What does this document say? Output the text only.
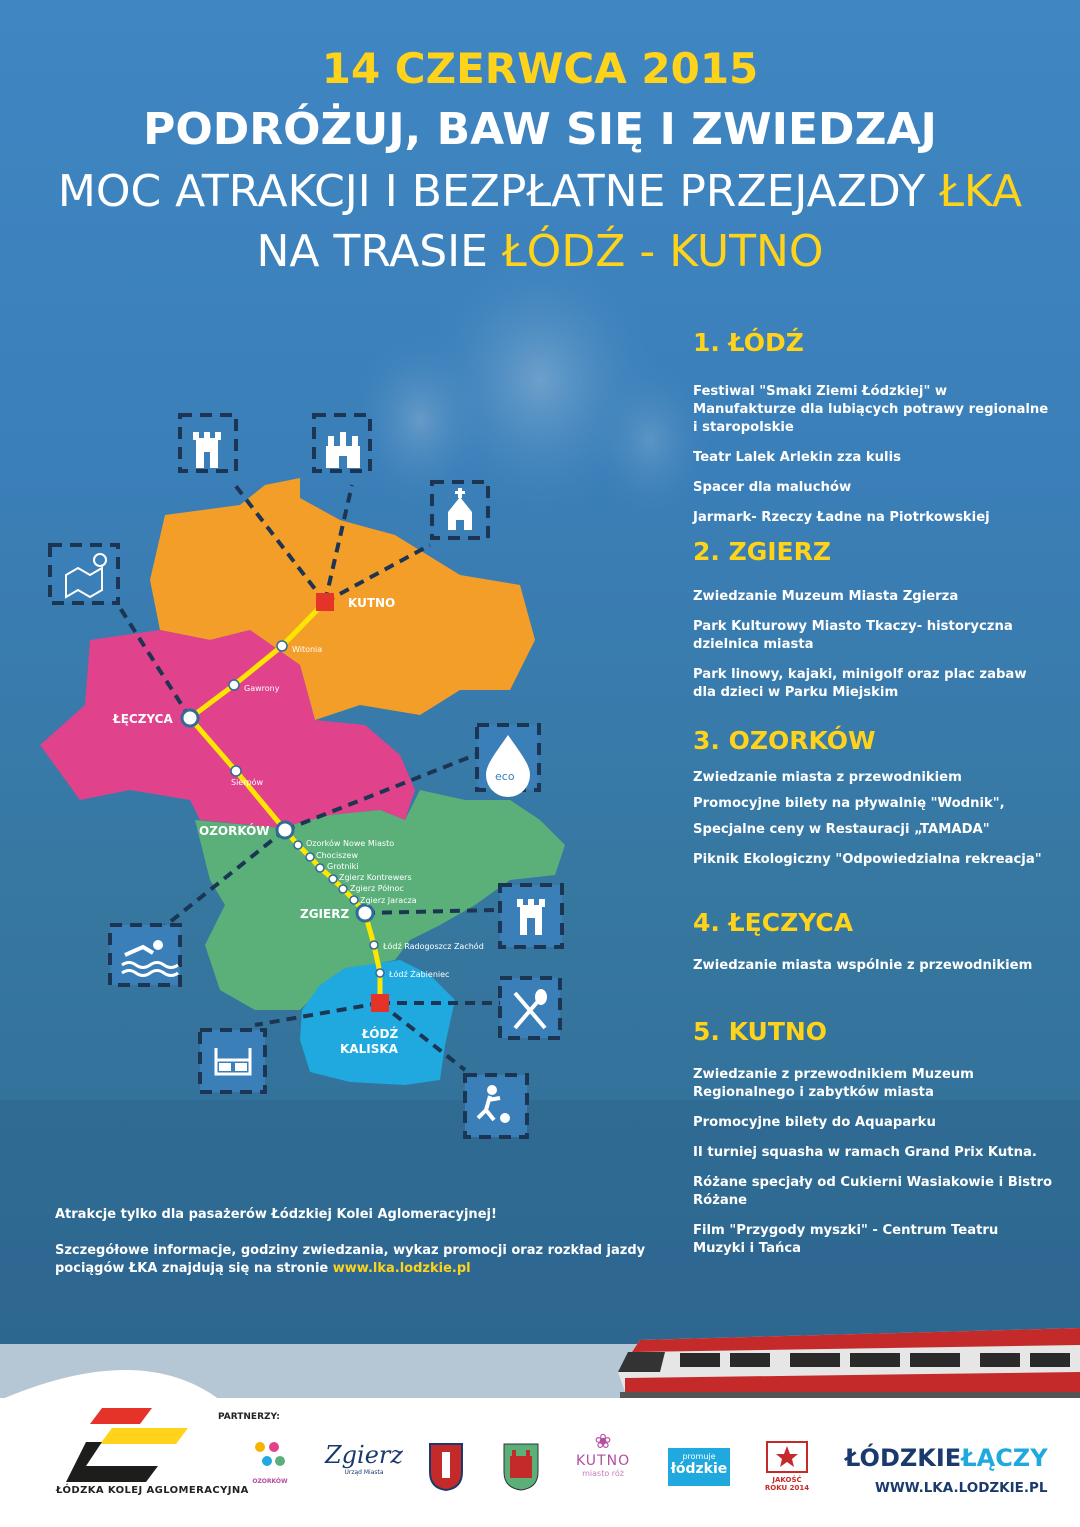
14 CZERWCA 2015
PODRÓŻUJ, BAW SIĘ I ZWIEDZAJ
MOC ATRAKCJI I BEZPŁATNE PRZEJAZDY ŁKA
NA TRASIE ŁÓDŹ - KUTNO
KUTNO
ŁĘCZYCA
OZORKÓW
ZGIERZ
ŁÓDŹ
KALISKA
Witonia
Gawrony
Sierpów
Ozorków Nowe Miasto
Chociszew
Grotniki
Zgierz Kontrewers
Zgierz Północ
Zgierz Jaracza
Łódź Radogoszcz Zachód
Łódź Żabieniec
eco
1. ŁÓDŹ
Festiwal "Smaki Ziemi Łódzkiej" w Manufakturze dla lubiących potrawy regionalne i staropolskie
Teatr Lalek Arlekin zza kulis
Spacer dla maluchów
Jarmark- Rzeczy Ładne na Piotrkowskiej
2. ZGIERZ
Zwiedzanie Muzeum Miasta Zgierza
Park Kulturowy Miasto Tkaczy- historyczna dzielnica miasta
Park linowy, kajaki, minigolf oraz plac zabaw dla dzieci w Parku Miejskim
3. OZORKÓW
Zwiedzanie miasta z przewodnikiem
Promocyjne bilety na pływalnię "Wodnik",
Specjalne ceny w Restauracji „TAMADA"
Piknik Ekologiczny "Odpowiedzialna rekreacja"
4. ŁĘCZYCA
Zwiedzanie miasta wspólnie z przewodnikiem
5. KUTNO
Zwiedzanie z przewodnikiem Muzeum Regionalnego i zabytków miasta
Promocyjne bilety do Aquaparku
II turniej squasha w ramach Grand Prix Kutna.
Różane specjały od Cukierni Wasiakowie i Bistro Różane
Film "Przygody myszki" - Centrum Teatru Muzyki i Tańca
Atrakcje tylko dla pasażerów Łódzkiej Kolei Aglomeracyjnej!
Szczegółowe informacje, godziny zwiedzania, wykaz promocji oraz rozkład jazdy pociągów ŁKA znajdują się na stronie www.lka.lodzkie.pl
ŁÓDZKA KOLEJ AGLOMERACYJNA
PARTNERZY:
OZORKÓW
Zgierz
Urząd Miasta
❀
KUTNO
miasto róż
promuje
łódzkie
JAKOŚĆ
ROKU 2014
ŁÓDZKIEŁĄCZY
WWW.LKA.LODZKIE.PL
